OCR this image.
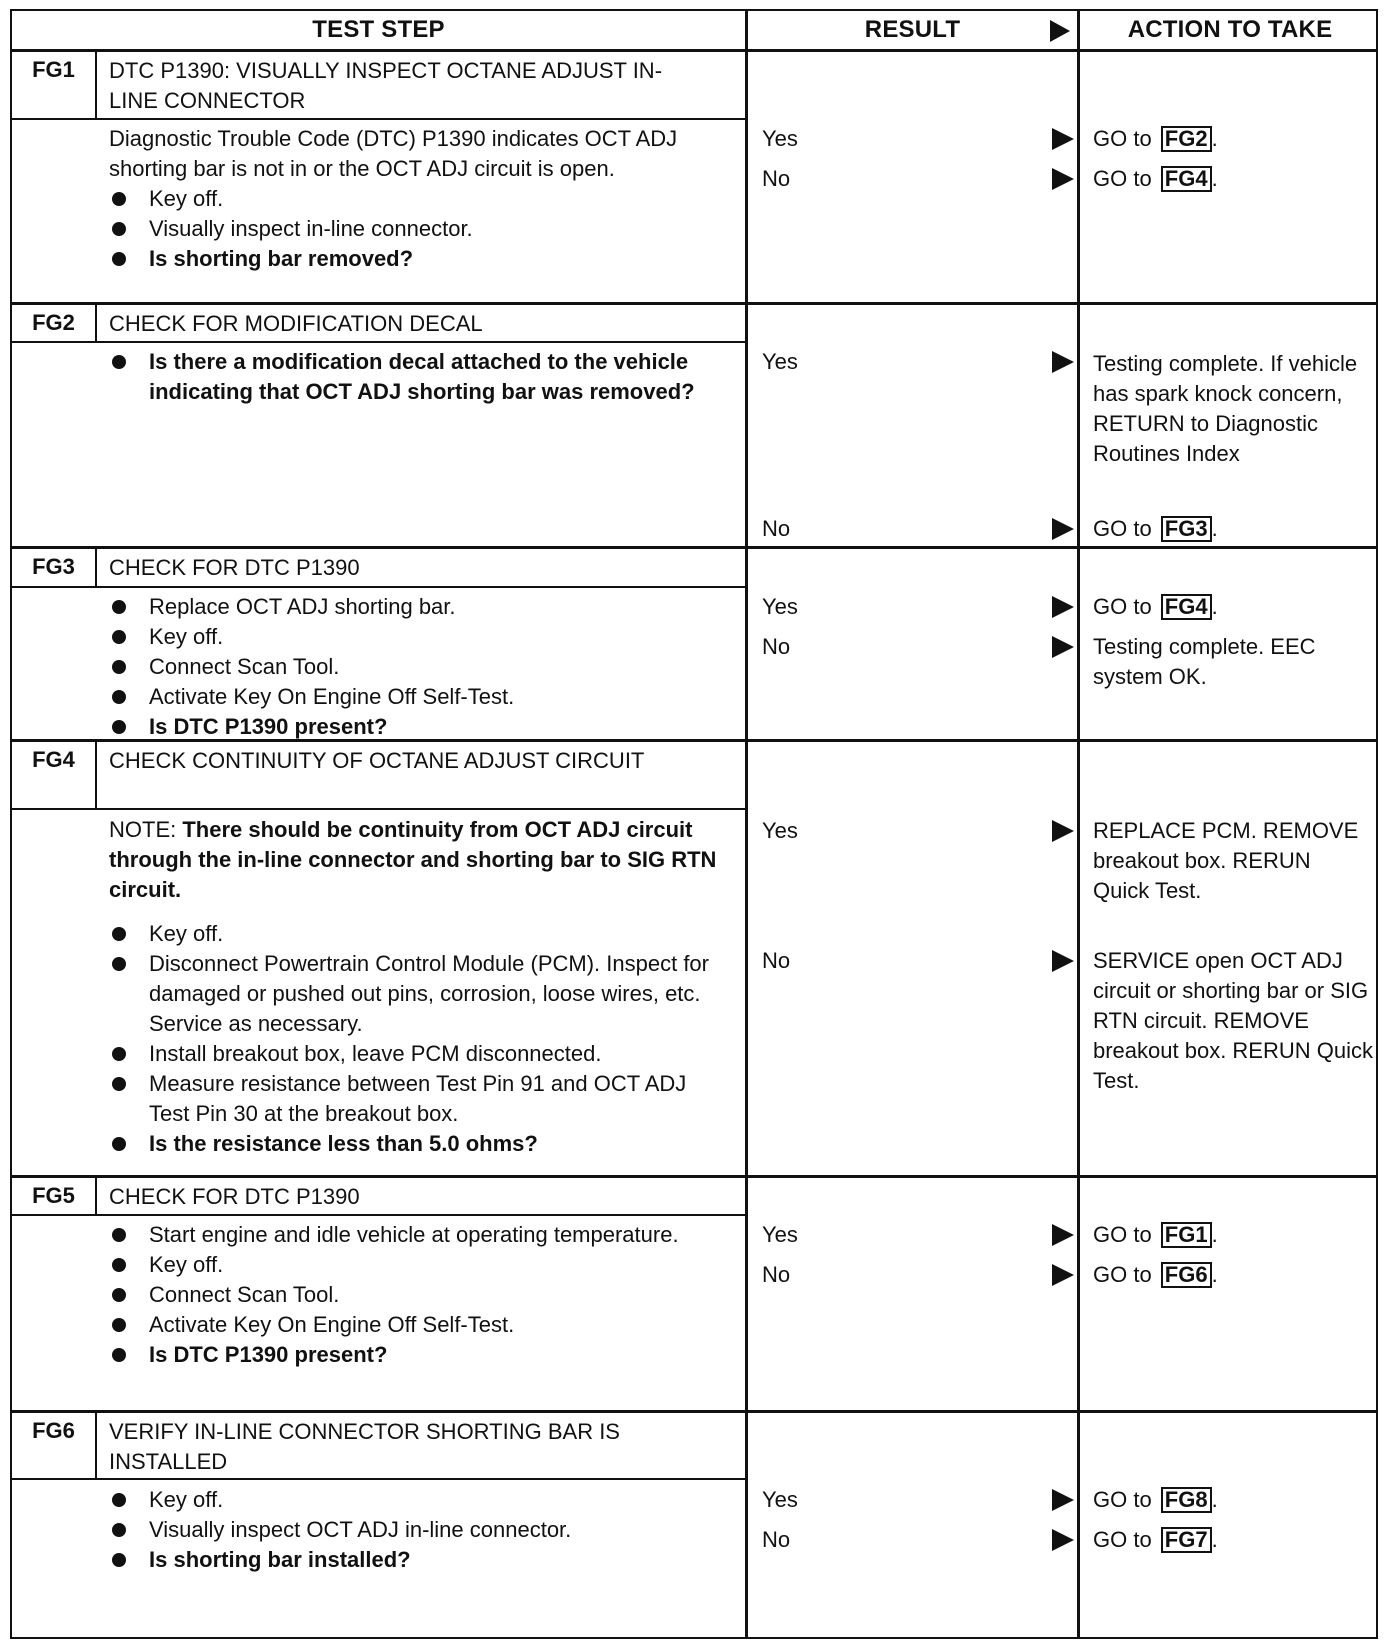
TEST STEP	RESULT	ACTION TO TAKE
FG1	DTC P1390: VISUALLY INSPECT OCTANE ADJUST IN-LINE CONNECTOR

Diagnostic Trouble Code (DTC) P1390 indicates OCT ADJ shorting bar is not in or the OCT ADJ circuit is open.

Key off.
Visually inspect in-line connector.
Is shorting bar removed?
Yes	GO to FG2 .
No	GO to FG4 .
FG2	CHECK FOR MODIFICATION DECAL
Is there a modification decal attached to the vehicle indicating that OCT ADJ shorting bar was removed?
Yes	Testing complete. If vehicle has spark knock concern, RETURN to Diagnostic Routines Index
No	GO to FG3 .
FG3	CHECK FOR DTC P1390
Replace OCT ADJ shorting bar.
Key off.
Connect Scan Tool.
Activate Key On Engine Off Self-Test.
Is DTC P1390 present?
Yes	GO to FG4 .
No	Testing complete. EEC system OK.
FG4	CHECK CONTINUITY OF OCTANE ADJUST CIRCUIT

NOTE: There should be continuity from OCT ADJ circuit through the in-line connector and shorting bar to SIG RTN circuit.

Key off.
Disconnect Powertrain Control Module (PCM). Inspect for damaged or pushed out pins, corrosion, loose wires, etc. Service as necessary.
Install breakout box, leave PCM disconnected.
Measure resistance between Test Pin 91 and OCT ADJ Test Pin 30 at the breakout box.
Is the resistance less than 5.0 ohms?
Yes	REPLACE PCM. REMOVE breakout box. RERUN Quick Test.
No	SERVICE open OCT ADJ circuit or shorting bar or SIG RTN circuit. REMOVE breakout box. RERUN Quick Test.
FG5	CHECK FOR DTC P1390
Start engine and idle vehicle at operating temperature.
Key off.
Connect Scan Tool.
Activate Key On Engine Off Self-Test.
Is DTC P1390 present?
Yes	GO to FG1 .
No	GO to FG6 .
FG6	VERIFY IN-LINE CONNECTOR SHORTING BAR IS INSTALLED
Key off.
Visually inspect OCT ADJ in-line connector.
Is shorting bar installed?
Yes	GO to FG8 .
No	GO to FG7 .
